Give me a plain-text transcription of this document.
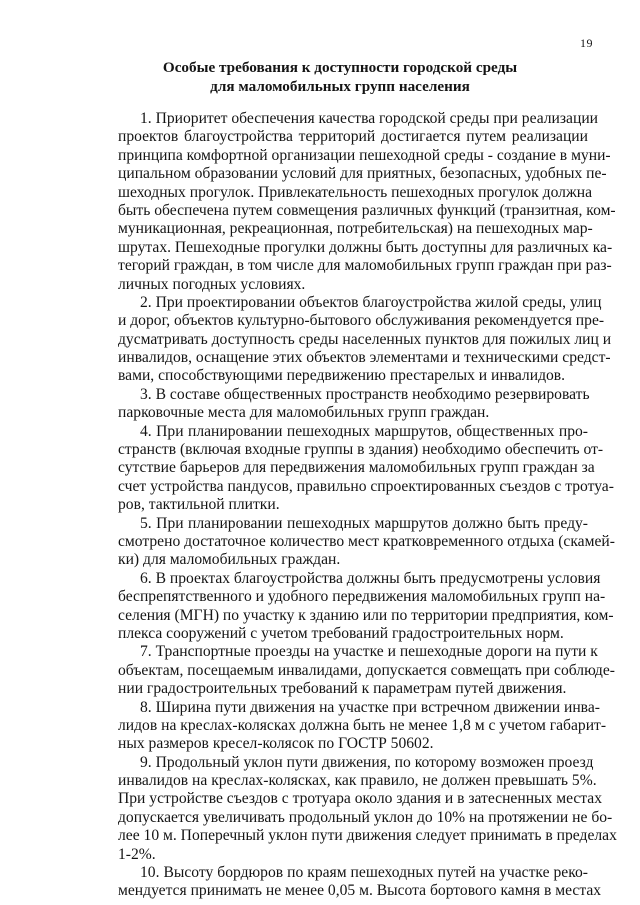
19
Особые требования к доступности городской среды
для маломобильных групп населения
1. Приоритет обеспечения качества городской среды при реализации
проектов благоустройства территорий достигается путем реализации
принципа комфортной организации пешеходной среды - создание в муни-
ципальном образовании условий для приятных, безопасных, удобных пе-
шеходных прогулок. Привлекательность пешеходных прогулок должна
быть обеспечена путем совмещения различных функций (транзитная, ком-
муникационная, рекреационная, потребительская) на пешеходных мар-
шрутах. Пешеходные прогулки должны быть доступны для различных ка-
тегорий граждан, в том числе для маломобильных групп граждан при раз-
личных погодных условиях.
2. При проектировании объектов благоустройства жилой среды, улиц
и дорог, объектов культурно-бытового обслуживания рекомендуется пре-
дусматривать доступность среды населенных пунктов для пожилых лиц и
инвалидов, оснащение этих объектов элементами и техническими средст-
вами, способствующими передвижению престарелых и инвалидов.
3. В составе общественных пространств необходимо резервировать
парковочные места для маломобильных групп граждан.
4. При планировании пешеходных маршрутов, общественных про-
странств (включая входные группы в здания) необходимо обеспечить от-
сутствие барьеров для передвижения маломобильных групп граждан за
счет устройства пандусов, правильно спроектированных съездов с тротуа-
ров, тактильной плитки.
5. При планировании пешеходных маршрутов должно быть преду-
смотрено достаточное количество мест кратковременного отдыха (скамей-
ки) для маломобильных граждан.
6. В проектах благоустройства должны быть предусмотрены условия
беспрепятственного и удобного передвижения маломобильных групп на-
селения (МГН) по участку к зданию или по территории предприятия, ком-
плекса сооружений с учетом требований градостроительных норм.
7. Транспортные проезды на участке и пешеходные дороги на пути к
объектам, посещаемым инвалидами, допускается совмещать при соблюде-
нии градостроительных требований к параметрам путей движения.
8. Ширина пути движения на участке при встречном движении инва-
лидов на креслах-колясках должна быть не менее 1,8 м с учетом габарит-
ных размеров кресел-колясок по ГОСТР 50602.
9. Продольный уклон пути движения, по которому возможен проезд
инвалидов на креслах-колясках, как правило, не должен превышать 5%.
При устройстве съездов с тротуара около здания и в затесненных местах
допускается увеличивать продольный уклон до 10% на протяжении не бо-
лее 10 м. Поперечный уклон пути движения следует принимать в пределах
1-2%.
10. Высоту бордюров по краям пешеходных путей на участке реко-
мендуется принимать не менее 0,05 м. Высота бортового камня в местах
